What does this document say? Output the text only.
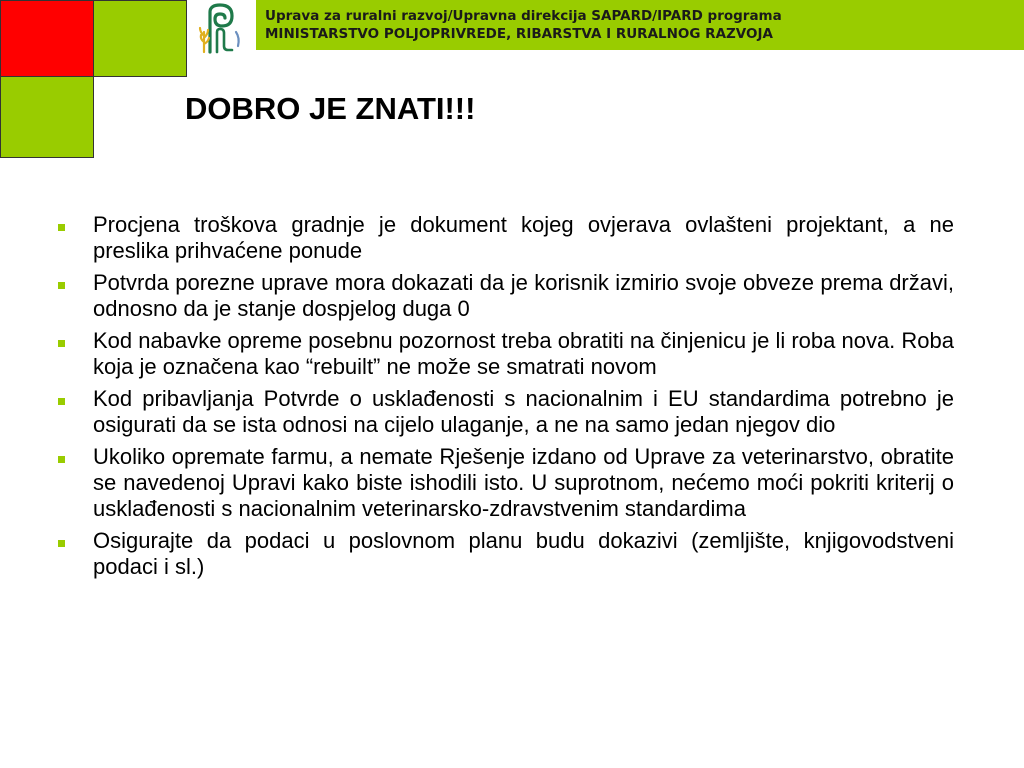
Uprava za ruralni razvoj/Upravna direkcija SAPARD/IPARD programa
MINISTARSTVO POLJOPRIVREDE, RIBARSTVA I RURALNOG RAZVOJA
DOBRO JE ZNATI!!!
Procjena troškova gradnje je dokument kojeg ovjerava ovlašteni projektant, a ne preslika prihvaćene ponude
Potvrda porezne uprave mora dokazati da je korisnik izmirio svoje obveze prema državi, odnosno da je stanje dospjelog duga 0
Kod nabavke opreme posebnu pozornost treba obratiti na činjenicu je li roba nova. Roba koja je označena kao “rebuilt” ne može se smatrati novom
Kod pribavljanja Potvrde o usklađenosti s nacionalnim i EU standardima potrebno je osigurati da se ista odnosi na cijelo ulaganje, a ne na samo jedan njegov dio
Ukoliko opremate farmu, a nemate Rješenje izdano od Uprave za veterinarstvo, obratite se navedenoj Upravi kako biste ishodili isto. U suprotnom, nećemo moći pokriti kriterij o usklađenosti s nacionalnim veterinarsko-zdravstvenim standardima
Osigurajte da podaci u poslovnom planu budu dokazivi (zemljište, knjigovodstveni podaci i sl.)
